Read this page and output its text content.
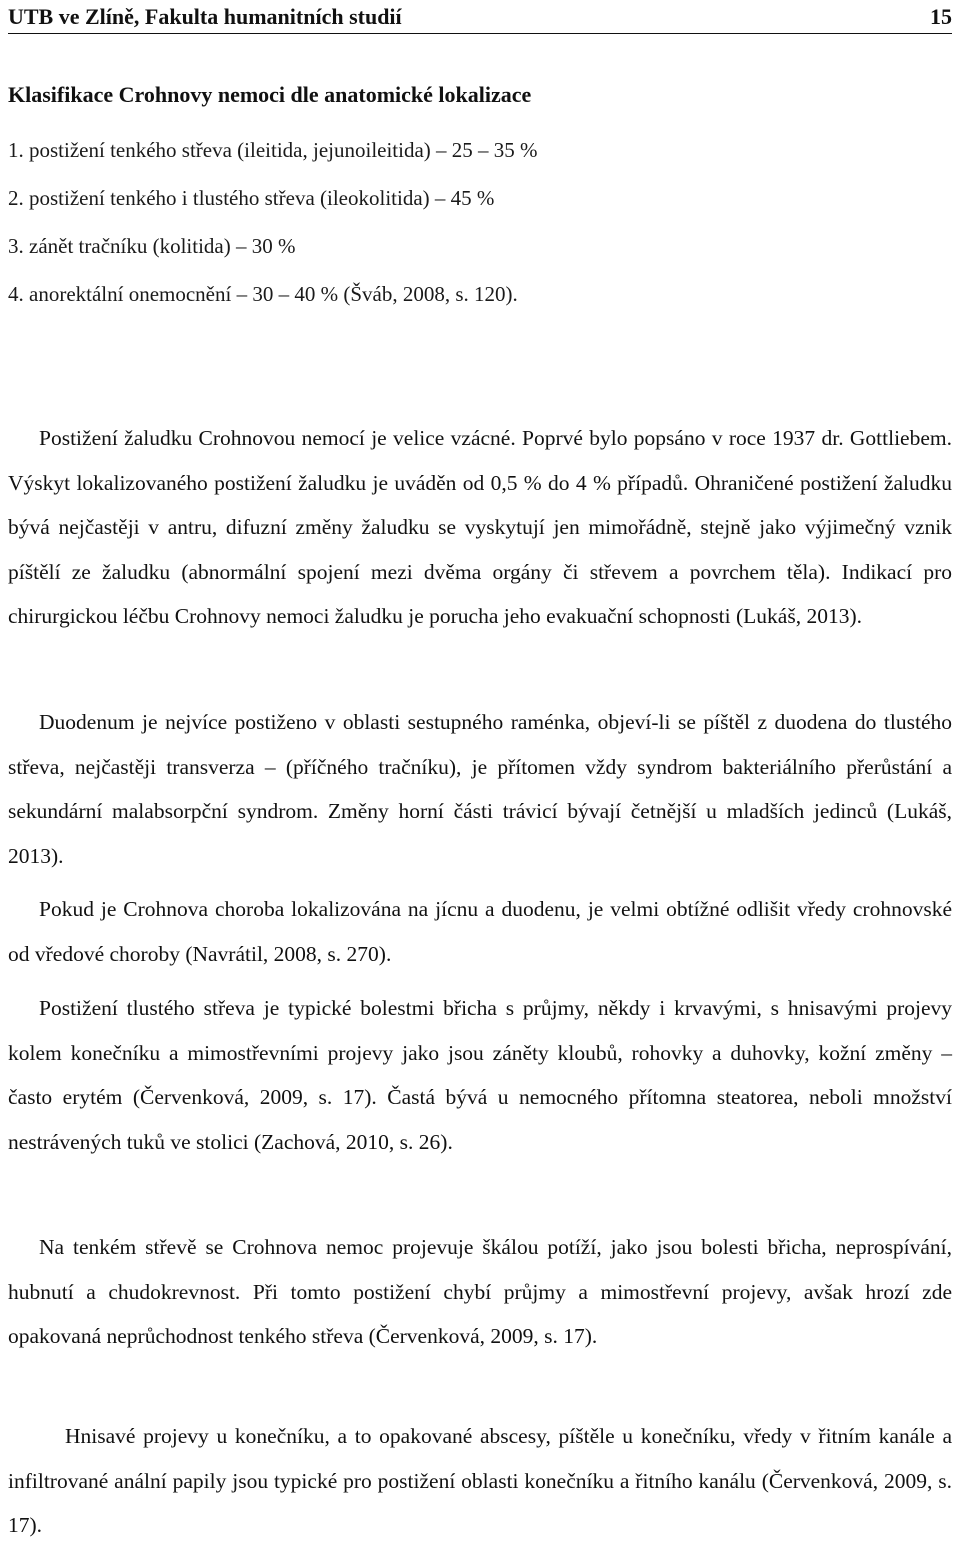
UTB ve Zlíně, Fakulta humanitních studií	15
Klasifikace Crohnovy nemoci dle anatomické lokalizace
1. postižení tenkého střeva (ileitida, jejunoileitida) – 25 – 35 %
2. postižení tenkého i tlustého střeva (ileokolitida) – 45 %
3. zánět tračníku (kolitida) – 30 %
4. anorektální onemocnění – 30 – 40 % (Šváb, 2008, s. 120).

Postižení žaludku Crohnovou nemocí je velice vzácné. Poprvé bylo popsáno v roce 1937 dr. Gottliebem. Výskyt lokalizovaného postižení žaludku je uváděn od 0,5 % do 4 % případů. Ohraničené postižení žaludku bývá nejčastěji v antru, difuzní změny žaludku se vyskytují jen mimořádně, stejně jako výjimečný vznik píštělí ze žaludku (abnormální spojení mezi dvěma orgány či střevem a povrchem těla). Indikací pro chirurgickou léčbu Crohnovy nemoci žaludku je porucha jeho evakuační schopnosti (Lukáš, 2013).

Duodenum je nejvíce postiženo v oblasti sestupného raménka, objeví-li se píštěl z duodena do tlustého střeva, nejčastěji transverza – (příčného tračníku), je přítomen vždy syndrom bakteriálního přerůstání a sekundární malabsorpční syndrom. Změny horní části trávicí bývají četnější u mladších jedinců (Lukáš, 2013).

Pokud je Crohnova choroba lokalizována na jícnu a duodenu, je velmi obtížné odlišit vředy crohnovské od vředové choroby (Navrátil, 2008, s. 270).

Postižení tlustého střeva je typické bolestmi břicha s průjmy, někdy i krvavými, s hnisavými projevy kolem konečníku a mimostřevními projevy jako jsou záněty kloubů, rohovky a duhovky, kožní změny – často erytém (Červenková, 2009, s. 17). Častá bývá u nemocného přítomna steatorea, neboli množství nestrávených tuků ve stolici (Zachová, 2010, s. 26).

Na tenkém střevě se Crohnova nemoc projevuje škálou potíží, jako jsou bolesti břicha, neprospívání, hubnutí a chudokrevnost. Při tomto postižení chybí průjmy a mimostřevní projevy, avšak hrozí zde opakovaná neprůchodnost tenkého střeva (Červenková, 2009, s. 17).

Hnisavé projevy u konečníku, a to opakované abscesy, píštěle u konečníku, vředy v řitním kanále a infiltrované anální papily jsou typické pro postižení oblasti konečníku a řitního kanálu (Červenková, 2009, s. 17).
